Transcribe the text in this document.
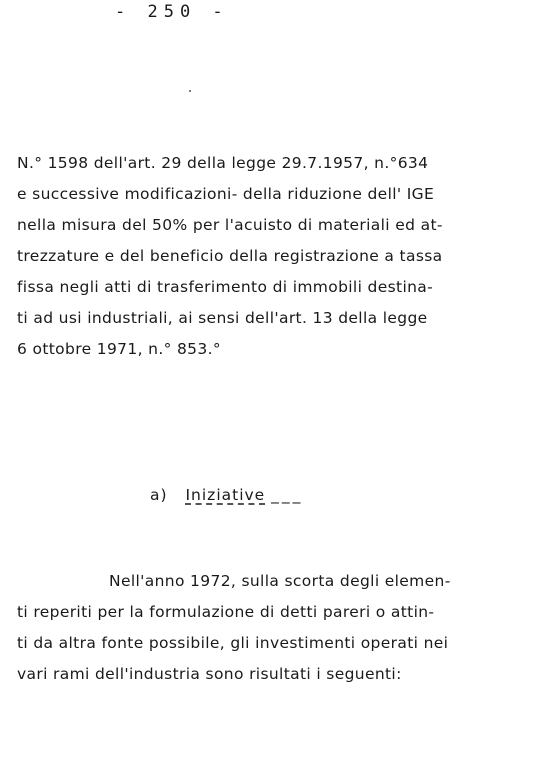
- 250 -
N.° 1598 dell'art. 29 della legge 29.7.1957, n.°634
e successive modificazioni- della riduzione dell' IGE
nella misura del 50% per l'acuisto di materiali ed at-
trezzature e del beneficio della registrazione a tassa
fissa negli atti di trasferimento di immobili destina-
ti ad usi industriali, ai sensi dell'art. 13 della legge
6 ottobre 1971, n.° 853.°
a) Iniziative ___
Nell'anno 1972, sulla scorta degli elemen-
ti reperiti per la formulazione di detti pareri o attin-
ti da altra fonte possibile, gli investimenti operati nei
vari rami dell'industria sono risultati i seguenti:
